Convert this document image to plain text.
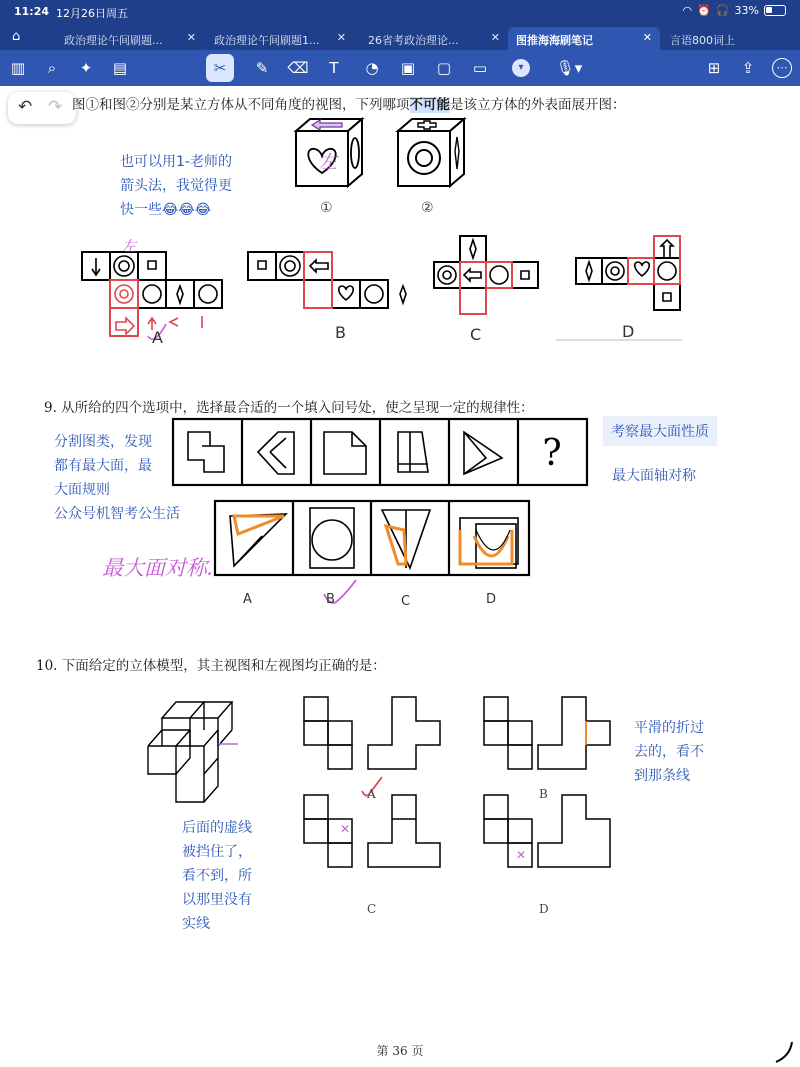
11:24 12月26日周五	◠ ⏰ 🎧 33%
⌂	政治理论午间刷题... ✕	政治理论午间刷题1... ✕	26省考政治理论...	✕	图推海海刷笔记	✕	言语800词上
▥	⌕	✦	▤	✂	✎	⌫	T	◔	▣	▢	▭	▾	🎙▾	⊞	⇪	⋯
↶ ↷ 图①和图②分别是某立方体从不同角度的视图，下列哪项不可能是该立方体的外表面展开图：
左
①	②
也可以用1-老师的
箭头法，我觉得更
快一些😂😂😂
左
A	B	C	D
9. 从所给的四个选项中，选择最合适的一个填入问号处，使之呈现一定的规律性：
分割图类，发现
都有最大面，最
大面规则
公众号机智考公生活
考察最大面性质
最大面轴对称
?
最大面对称.
A	B	C	D
10. 下面给定的立体模型，其主视图和左视图均正确的是：
✕
✕
A	B
C	D
平滑的折过
去的，看不
到那条线
后面的虚线
被挡住了，
看不到，所
以那里没有
实线
第 36 页
